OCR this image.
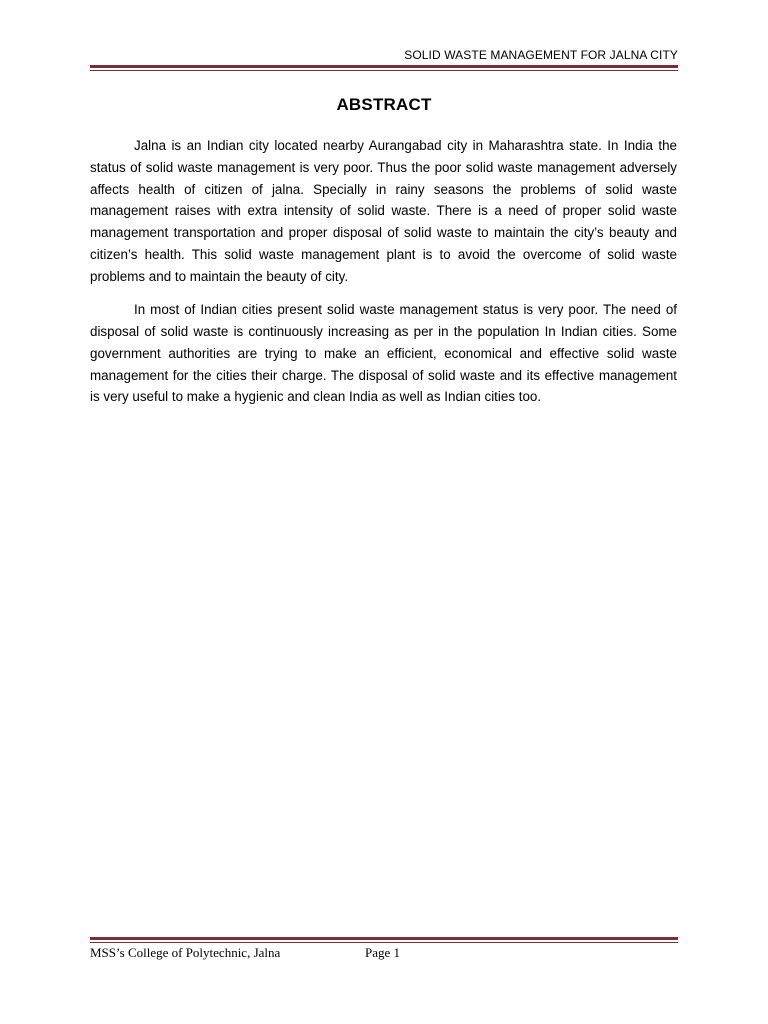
SOLID WASTE MANAGEMENT FOR JALNA CITY
ABSTRACT

Jalna is an Indian city located nearby Aurangabad city in Maharashtra state. In India the status of solid waste management is very poor. Thus the poor solid waste management adversely affects health of citizen of jalna. Specially in rainy seasons the problems of solid waste management raises with extra intensity of solid waste. There is a need of proper solid waste management transportation and proper disposal of solid waste to maintain the city’s beauty and citizen’s health. This solid waste management plant is to avoid the overcome of solid waste problems and to maintain the beauty of city.

In most of Indian cities present solid waste management status is very poor. The need of disposal of solid waste is continuously increasing as per in the population In Indian cities. Some government authorities are trying to make an efficient, economical and effective solid waste management for the cities their charge. The disposal of solid waste and its effective management is very useful to make a hygienic and clean India as well as Indian cities too.

MSS’s College of Polytechnic, Jalna	Page 1
